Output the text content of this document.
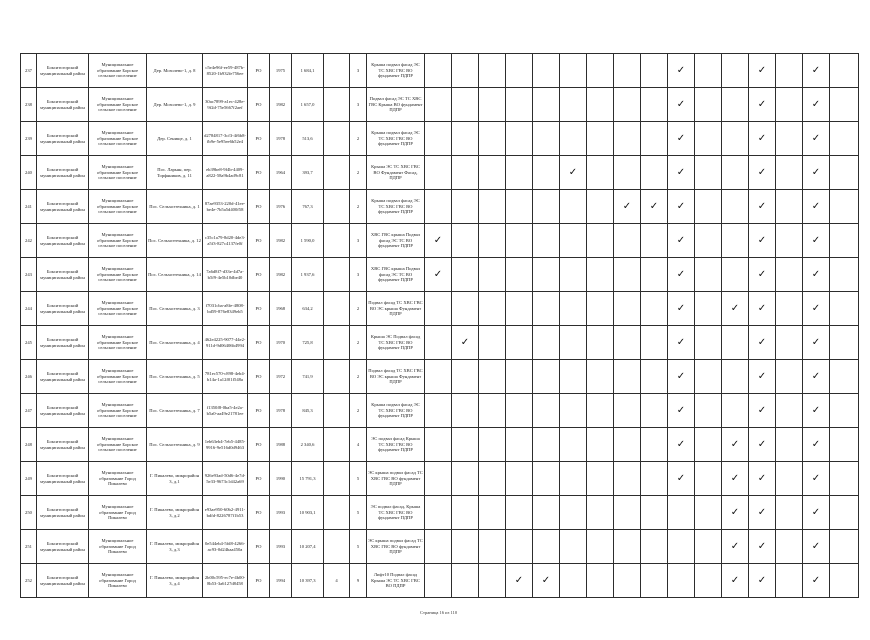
237	Бокситогорский муниципальный район	Муниципальное образование Борское сельское поселение	Дер. Мозолево-1, д. 8	c5e4e96f-ee59-487b-8520-1b932fe756ee	РО	1975	1 684,1		3	Крыша подвал фасад ЭС ТС ХВС ГВС ВО фундамент ПДПР										✓			✓		✓	
238	Бокситогорский муниципальный район	Муниципальное образование Борское сельское поселение	Дер. Мозолево-1, д. 9	30ac7899-a1ec-428e-9f2d-75e5667f2aef	РО	1982	1 657,0		3	Подвал фасад ЭС ТС ХВС ГВС Крыша ВО фундамент ПДПР										✓			✓		✓	
239	Бокситогорский муниципальный район	Муниципальное образование Борское сельское поселение	Дер. Сенище, д. 1	d2784817-3cf3-4f6b8-fb9e-5e95ee6b52e4	РО	1978	513,6		2	Крыша подвал фасад ЭС ТС ХВС ГВС ВО фундамент ПДПР										✓			✓		✓	
240	Бокситогорский муниципальный район	Муниципальное образование Борское сельское поселение	Пос. Ларьян, пер. Торфяников, д. 11	eb39be8-9f4b-4409-a822-58a9b4ad9c81	РО	1964	393,7		2	Крыша ЭС ТС ХВС ГВС ВО Фундамент Фасад, ПДПР						✓				✓			✓		✓	
241	Бокситогорский муниципальный район	Муниципальное образование Борское сельское поселение	Пос. Сельхозтехника, д. 1	87ae9353-220d-41ee-be4e-7b5a5d400f58	РО	1976	767,3		2	Крыша подвал фасад ЭС ТС ХВС ГВС ВО фундамент ПДПР								✓	✓	✓			✓		✓	
242	Бокситогорский муниципальный район	Муниципальное образование Борское сельское поселение	Пос. Сельхозтехника, д. 12	c35c1a79-8d20-4de3-a5f3-827c4137fe0f	РО	1982	1 590,0		3	ХВС ГВС крыша Подвал фасад ЭС ТС ВО фундамент ПДПР	✓									✓			✓		✓	
243	Бокситогорский муниципальный район	Муниципальное образование Борское сельское поселение	Пос. Сельхозтехника, д. 14	7a6d8f7-d33e-4d7a-b5f9-4e5b10dbe40	РО	1982	1 937,6		3	ХВС ГВС крыша Подвал фасад ЭС ТС ВО фундамент ПДПР	✓									✓			✓		✓	
244	Бокситогорский муниципальный район	Муниципальное образование Борское сельское поселение	Пос. Сельхозтехника, д. 3	f7031cba-a8fe-4808-bd59-876e8349eb5	РО	1968	634,2		2	Подвал фасад ТС ХВС ГВС ВО ЭС крыша Фундамент ПДПР										✓		✓	✓		✓	
245	Бокситогорский муниципальный район	Муниципальное образование Борское сельское поселение	Пос. Сельхозтехника, д. 4	462e4225-9077-44e2-911d-9d06406b4994	РО	1970	725,8		2	Крыша ЭС Подвал фасад ТС ХВС ГВС ВО фундамент ПДПР		✓								✓			✓		✓	
246	Бокситогорский муниципальный район	Муниципальное образование Борское сельское поселение	Пос. Сельхозтехника, д. 5	781ec570-c898-4eb4-b14a-1a12f01f548a	РО	1972	741,9		2	Подвал фасад ТС ХВС ГВС ВО ЭС крыша Фундамент ПДПР										✓			✓		✓	
247	Бокситогорский муниципальный район	Муниципальное образование Борское сельское поселение	Пос. Сельхозтехника, д. 7	f1350f8-0ba5-4e2a-b5a0-aa49e21781ee	РО	1978	845,3		2	Крыша подвал фасад ЭС ТС ХВС ГВС ВО фундамент ПДПР										✓			✓		✓	
248	Бокситогорский муниципальный район	Муниципальное образование Борское сельское поселение	Пос. Сельхозтехника, д. 9	1eb63eb4-7eb5-4485-9916-9e516d0d9463	РО	1988	2 340,6		4	ЭС подвал фасад Крыша ТС ХВС ГВС ВО фундамент ПДПР										✓		✓	✓		✓	
249	Бокситогорский муниципальный район	Муниципальное образование Город Пикалево	Г. Пикалево, микрорайон 3, д.1	926e93ad-50d6-4e7d-5e33-9673c1d42a69	РО	1990	15 791,3		5	ЭС крыша подвал фасад ТС ХВС ГВС ВО фундамент ПДПР										✓		✓	✓		✓	
250	Бокситогорский муниципальный район	Муниципальное образование Город Пикалево	Г. Пикалево, микрорайон 3, д.2	e93ae950-60b2-4911-bdfd-8226787f1b53	РО	1993	10 903,1		5	ЭС подвал фасад, Крыша ТС ХВС ГВС ВО фундамент ПДПР												✓	✓		✓	
251	Бокситогорский муниципальный район	Муниципальное образование Город Пикалево	Г. Пикалево, микрорайон 3, д.3	0e544eb4-5fd8-4266-ac93-0d24baa450a	РО	1993	10 207,4		5	ЭС крыша подвал фасад ТС ХВС ГВС ВО фундамент ПДПР												✓	✓		✓	
252	Бокситогорский муниципальный район	Муниципальное образование Город Пикалево	Г. Пикалево, микрорайон 3, д.4	2b00c595-ec7e-4b00-8b53-3a6127d8458	РО	1994	10 397,3	4	9	Лифт10 Подвал фасад Крыша ЭС ТС ХВС ГВС ВО ПДПР				✓	✓							✓	✓		✓	
Страница 16 из 110
